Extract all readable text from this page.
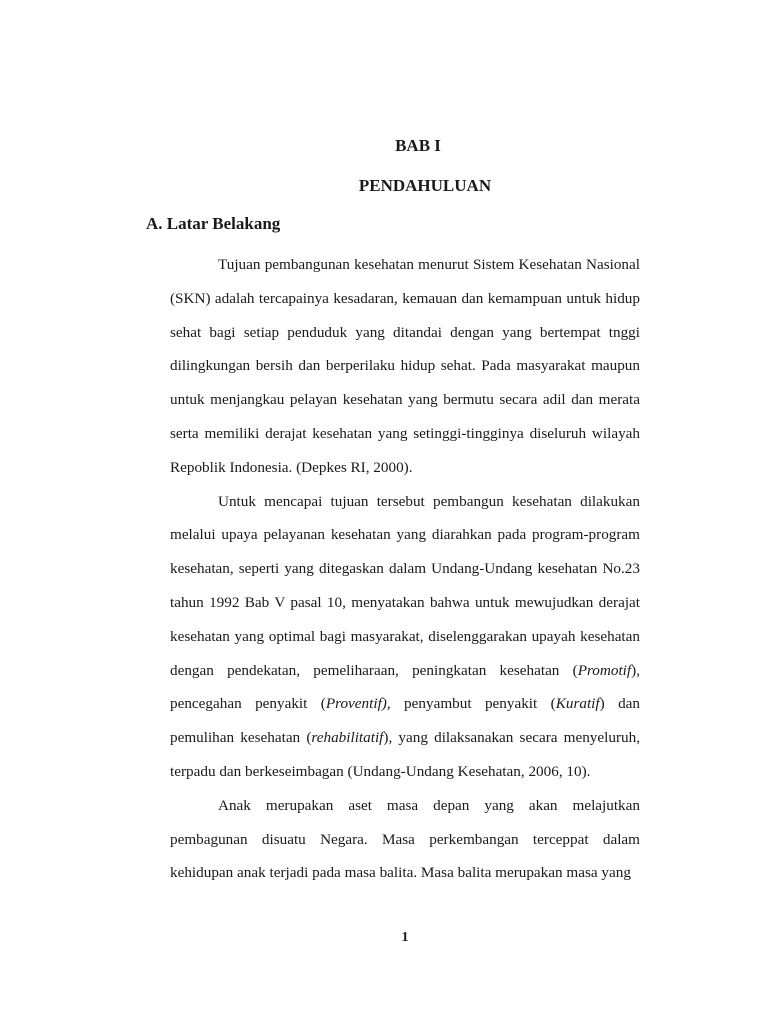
BAB I
PENDAHULUAN
A. Latar Belakang

Tujuan pembangunan kesehatan menurut Sistem Kesehatan Nasional (SKN) adalah tercapainya kesadaran, kemauan dan kemampuan untuk hidup sehat bagi setiap penduduk yang ditandai dengan yang bertempat tnggi dilingkungan bersih dan berperilaku hidup sehat. Pada masyarakat maupun untuk menjangkau pelayan kesehatan yang bermutu secara adil dan merata serta memiliki derajat kesehatan yang setinggi-tingginya diseluruh wilayah Repoblik Indonesia. (Depkes RI, 2000).

Untuk mencapai tujuan tersebut pembangun kesehatan dilakukan melalui upaya pelayanan kesehatan yang diarahkan pada program-program kesehatan, seperti yang ditegaskan dalam Undang-Undang kesehatan No.23 tahun 1992 Bab V pasal 10, menyatakan bahwa untuk mewujudkan derajat kesehatan yang optimal bagi masyarakat, diselenggarakan upayah kesehatan dengan pendekatan, pemeliharaan, peningkatan kesehatan (Promotif), pencegahan penyakit (Proventif), penyambut penyakit (Kuratif) dan pemulihan kesehatan (rehabilitatif), yang dilaksanakan secara menyeluruh, terpadu dan berkeseimbagan (Undang-Undang Kesehatan, 2006, 10).

Anak merupakan aset masa depan yang akan melajutkan pembagunan disuatu Negara. Masa perkembangan terceppat dalam kehidupan anak terjadi pada masa balita. Masa balita merupakan masa yang

1
